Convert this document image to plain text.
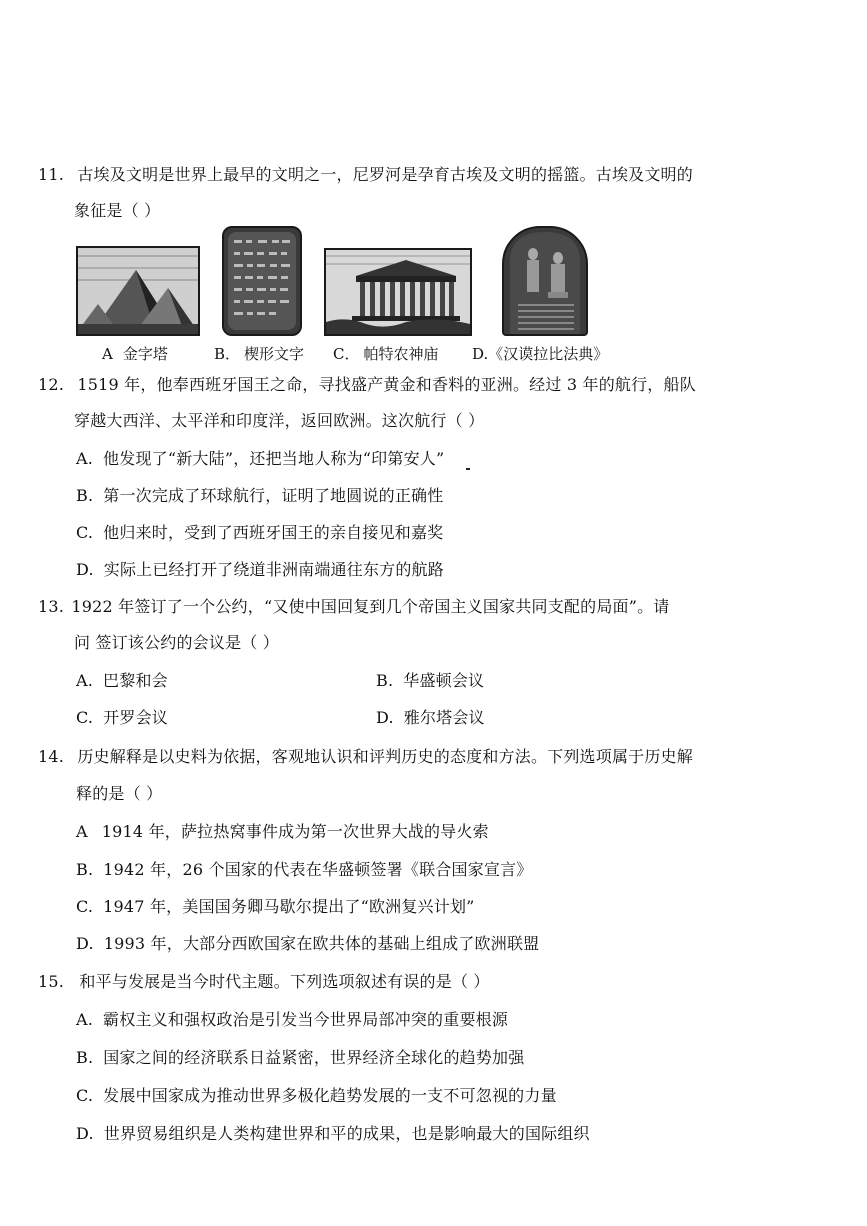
11. 古埃及文明是世界上最早的文明之一，尼罗河是孕育古埃及文明的摇篮。古埃及文明的
象征是（ ）
A 金字塔	B． 楔形文字 C． 帕特农神庙 D.《汉谟拉比法典》
12. 1519 年，他奉西班牙国王之命，寻找盛产黄金和香料的亚洲。经过 3 年的航行，船队
穿越大西洋、太平洋和印度洋，返回欧洲。这次航行（ ）
A. 他发现了“新大陆”，还把当地人称为“印第安人”
B. 第一次完成了环球航行，证明了地圆说的正确性
C. 他归来时，受到了西班牙国王的亲自接见和嘉奖
D. 实际上已经打开了绕道非洲南端通往东方的航路
13. 1922 年签订了一个公约，“又使中国回复到几个帝国主义国家共同支配的局面”。请
问 签订该公约的会议是（ ）
A. 巴黎和会	B. 华盛顿会议
C. 开罗会议	D. 雅尔塔会议
14. 历史解释是以史料为依据，客观地认识和评判历史的态度和方法。下列选项属于历史解
释的是（ ）
A 1914 年，萨拉热窝事件成为第一次世界大战的导火索
B. 1942 年，26 个国家的代表在华盛顿签署《联合国家宣言》
C. 1947 年，美国国务卿马歇尔提出了“欧洲复兴计划”
D. 1993 年，大部分西欧国家在欧共体的基础上组成了欧洲联盟
15. 和平与发展是当今时代主题。下列选项叙述有误的是（ ）
A. 霸权主义和强权政治是引发当今世界局部冲突的重要根源
B. 国家之间的经济联系日益紧密，世界经济全球化的趋势加强
C. 发展中国家成为推动世界多极化趋势发展的一支不可忽视的力量
D. 世界贸易组织是人类构建世界和平的成果，也是影响最大的国际组织
